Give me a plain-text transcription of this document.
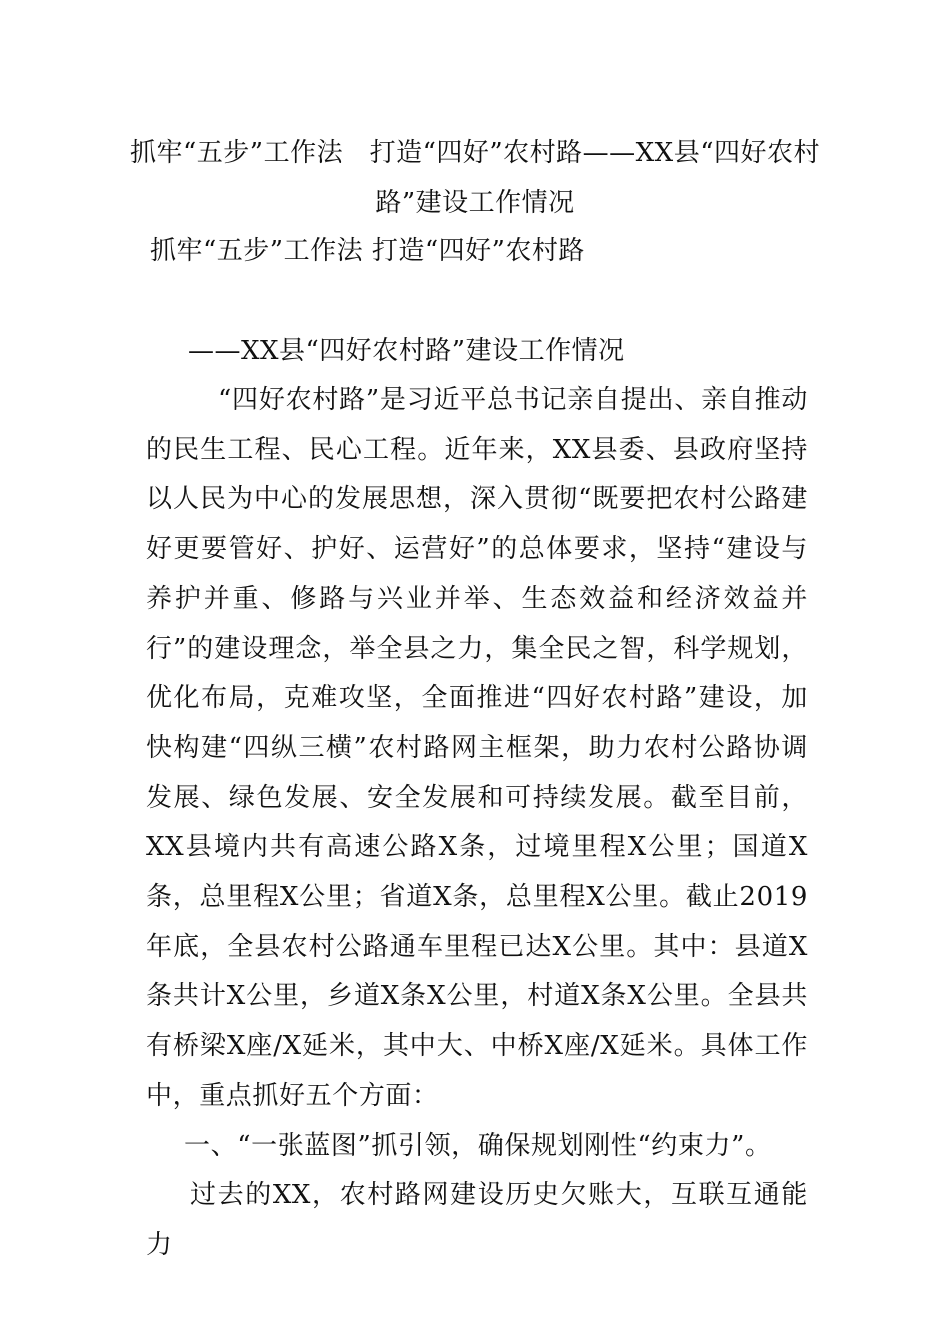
抓牢“五步”工作法　打造“四好”农村路——XX县“四好农村路”建设工作情况
抓牢“五步”工作法 打造“四好”农村路
——XX县“四好农村路”建设工作情况

“四好农村路”是习近平总书记亲自提出、亲自推动的民生工程、民心工程。近年来，XX县委、县政府坚持以人民为中心的发展思想，深入贯彻“既要把农村公路建好更要管好、护好、运营好”的总体要求，坚持“建设与养护并重、修路与兴业并举、生态效益和经济效益并行”的建设理念，举全县之力，集全民之智，科学规划，优化布局，克难攻坚，全面推进“四好农村路”建设，加快构建“四纵三横”农村路网主框架，助力农村公路协调发展、绿色发展、安全发展和可持续发展。截至目前，XX县境内共有高速公路X条，过境里程X公里；国道X条，总里程X公里；省道X条，总里程X公里。截止2019年底，全县农村公路通车里程已达X公里。其中：县道X条共计X公里，乡道X条X公里，村道X条X公里。全县共有桥梁X座/X延米，其中大、中桥X座/X延米。具体工作中，重点抓好五个方面：

一、“一张蓝图”抓引领，确保规划刚性“约束力”。

过去的XX，农村路网建设历史欠账大，互联互通能力
